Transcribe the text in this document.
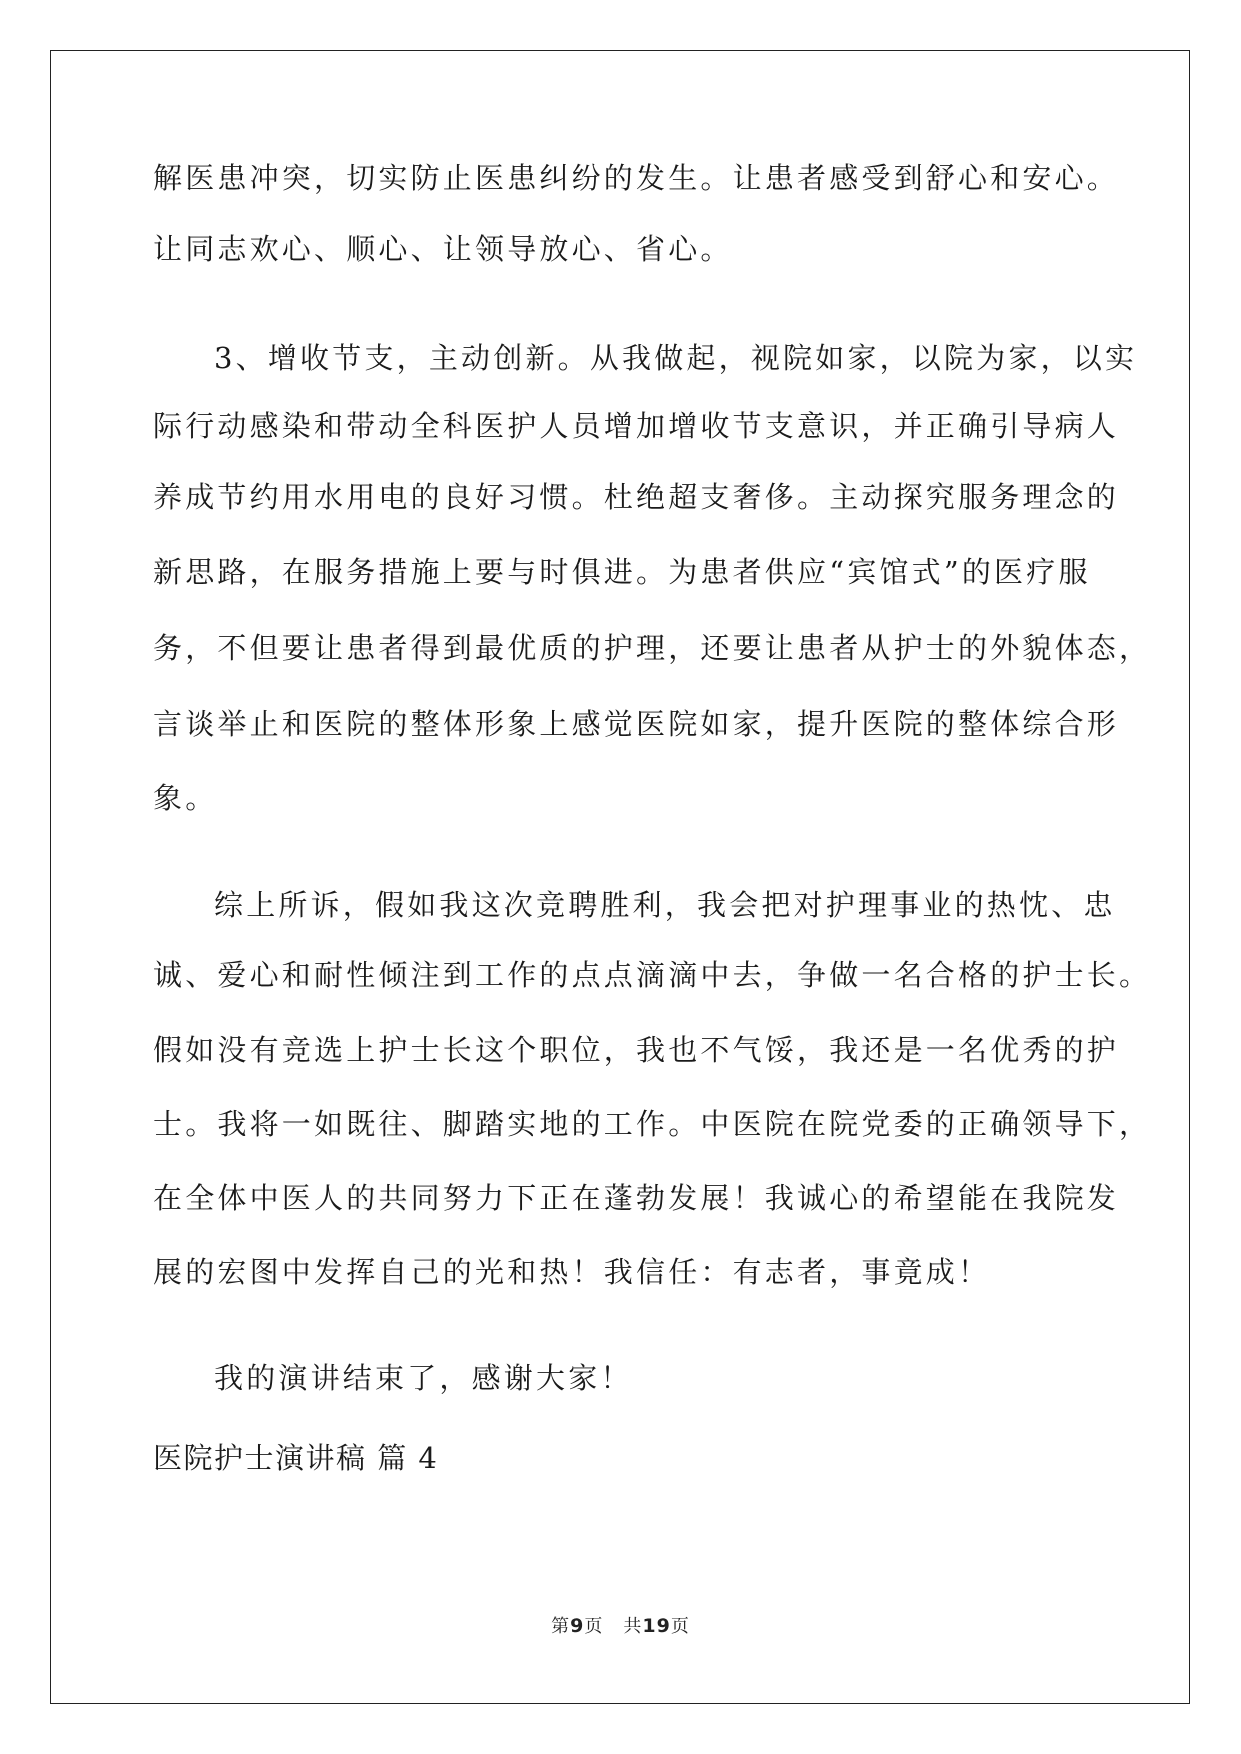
解医患冲突，切实防止医患纠纷的发生。让患者感受到舒心和安心。
让同志欢心、顺心、让领导放心、省心。
3、增收节支，主动创新。从我做起，视院如家，以院为家，以实
际行动感染和带动全科医护人员增加增收节支意识，并正确引导病人
养成节约用水用电的良好习惯。杜绝超支奢侈。主动探究服务理念的
新思路，在服务措施上要与时俱进。为患者供应“宾馆式”的医疗服
务，不但要让患者得到最优质的护理，还要让患者从护士的外貌体态，
言谈举止和医院的整体形象上感觉医院如家，提升医院的整体综合形
象。
综上所诉，假如我这次竞聘胜利，我会把对护理事业的热忱、忠
诚、爱心和耐性倾注到工作的点点滴滴中去，争做一名合格的护士长。
假如没有竞选上护士长这个职位，我也不气馁，我还是一名优秀的护
士。我将一如既往、脚踏实地的工作。中医院在院党委的正确领导下，
在全体中医人的共同努力下正在蓬勃发展！我诚心的希望能在我院发
展的宏图中发挥自己的光和热！我信任：有志者，事竟成！
我的演讲结束了，感谢大家！
医院护士演讲稿 篇 4
第9页 共19页
